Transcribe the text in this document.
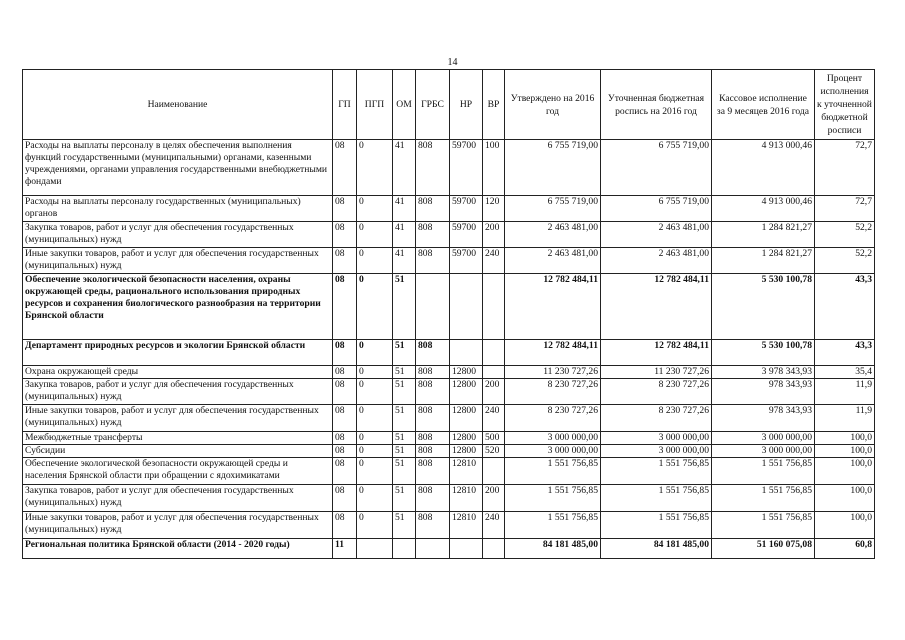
14
Наименование	ГП	ПГП	ОМ	ГРБС	НР	ВР	Утверждено на 2016 год	Уточненная бюджетная роспись на 2016 год	Кассовое исполнение за 9 месяцев 2016 года	Процент исполнения к уточненной бюджетной росписи
Расходы на выплаты персоналу в целях обеспечения выполнения функций государственными (муниципальными) органами, казенными учреждениями, органами управления государственными внебюджетными фондами	08	0	41	808	59700	100	6 755 719,00	6 755 719,00	4 913 000,46	72,7
Расходы на выплаты персоналу государственных (муниципальных) органов	08	0	41	808	59700	120	6 755 719,00	6 755 719,00	4 913 000,46	72,7
Закупка товаров, работ и услуг для обеспечения государственных (муниципальных) нужд	08	0	41	808	59700	200	2 463 481,00	2 463 481,00	1 284 821,27	52,2
Иные закупки товаров, работ и услуг для обеспечения государственных (муниципальных) нужд	08	0	41	808	59700	240	2 463 481,00	2 463 481,00	1 284 821,27	52,2
Обеспечение экологической безопасности населения, охраны окружающей среды, рационального использования природных ресурсов и сохранения биологического разнообразия на территории Брянской области	08	0	51				12 782 484,11	12 782 484,11	5 530 100,78	43,3
Департамент природных ресурсов и экологии Брянской области	08	0	51	808			12 782 484,11	12 782 484,11	5 530 100,78	43,3
Охрана окружающей среды	08	0	51	808	12800		11 230 727,26	11 230 727,26	3 978 343,93	35,4
Закупка товаров, работ и услуг для обеспечения государственных (муниципальных) нужд	08	0	51	808	12800	200	8 230 727,26	8 230 727,26	978 343,93	11,9
Иные закупки товаров, работ и услуг для обеспечения государственных (муниципальных) нужд	08	0	51	808	12800	240	8 230 727,26	8 230 727,26	978 343,93	11,9
Межбюджетные трансферты	08	0	51	808	12800	500	3 000 000,00	3 000 000,00	3 000 000,00	100,0
Субсидии	08	0	51	808	12800	520	3 000 000,00	3 000 000,00	3 000 000,00	100,0
Обеспечение экологической безопасности окружающей среды и населения Брянской области при обращении с ядохимикатами	08	0	51	808	12810		1 551 756,85	1 551 756,85	1 551 756,85	100,0
Закупка товаров, работ и услуг для обеспечения государственных (муниципальных) нужд	08	0	51	808	12810	200	1 551 756,85	1 551 756,85	1 551 756,85	100,0
Иные закупки товаров, работ и услуг для обеспечения государственных (муниципальных) нужд	08	0	51	808	12810	240	1 551 756,85	1 551 756,85	1 551 756,85	100,0
Региональная политика Брянской области (2014 - 2020 годы)	11						84 181 485,00	84 181 485,00	51 160 075,08	60,8
